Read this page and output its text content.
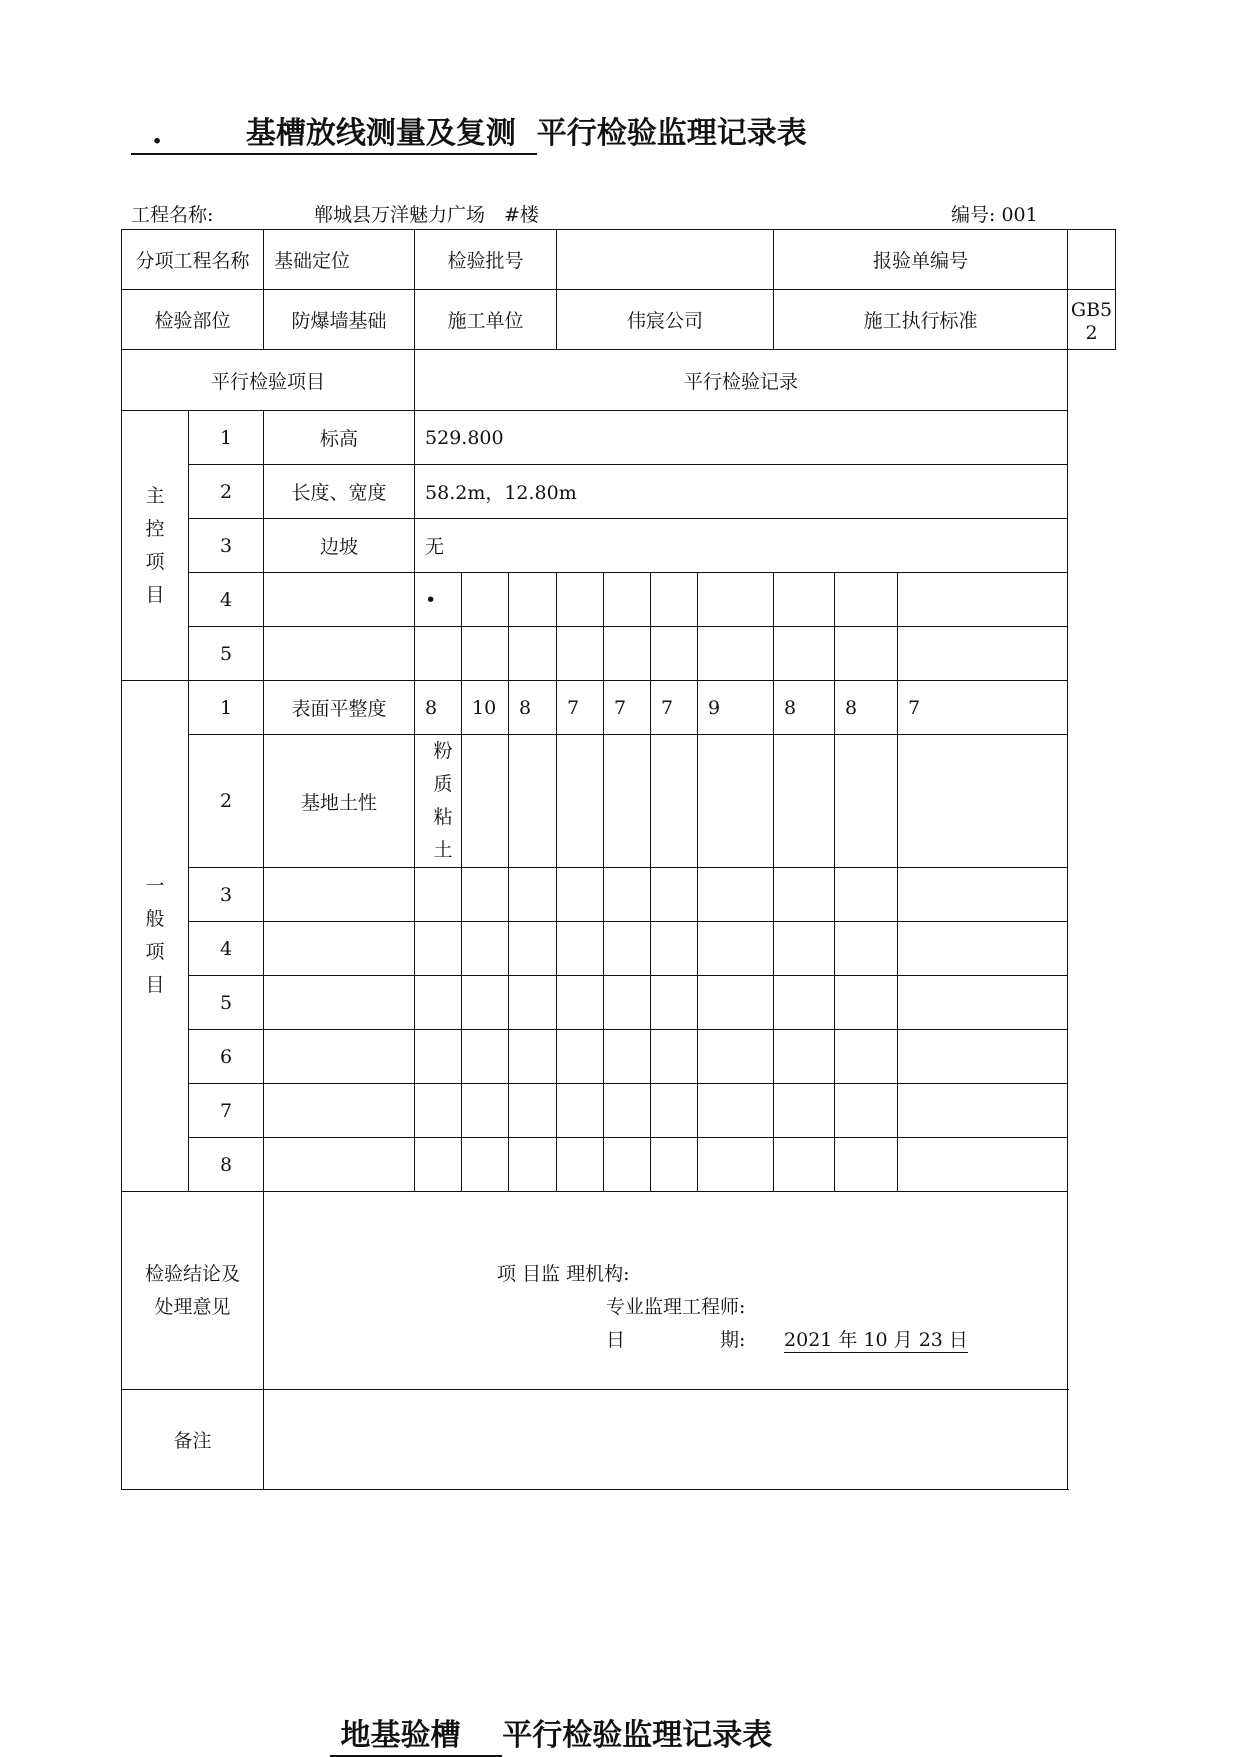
.	基槽放线测量及复测 平行检验监理记录表
工程名称:	郸城县万洋魅力广场　#楼	编号: 001
分项工程名称		基础定位	检验批号							报验单编号			
检验部位		防爆墙基础	施工单位			伟宸公司				施工执行标准			GB5　2
平行检验项目			平行检验记录	
主控项目	1	标高	529.800										
	2	长度、宽度	58.2m，12.80m										
	3	边坡	无										
	4		•										
	5												
一般项目	1	表面平整度	8	10	8	7	7	7	9	8	8	7	
	2	基地土性	粉质粘土										
	3												
	4												
	5												
	6												
	7												
	8												
检验结论及处理意见		项 目监 理机构:
专业监理工程师:
日　　　　　期: 2021 年 10 月 23 日											

备注													
地基验槽 平行检验监理记录表
